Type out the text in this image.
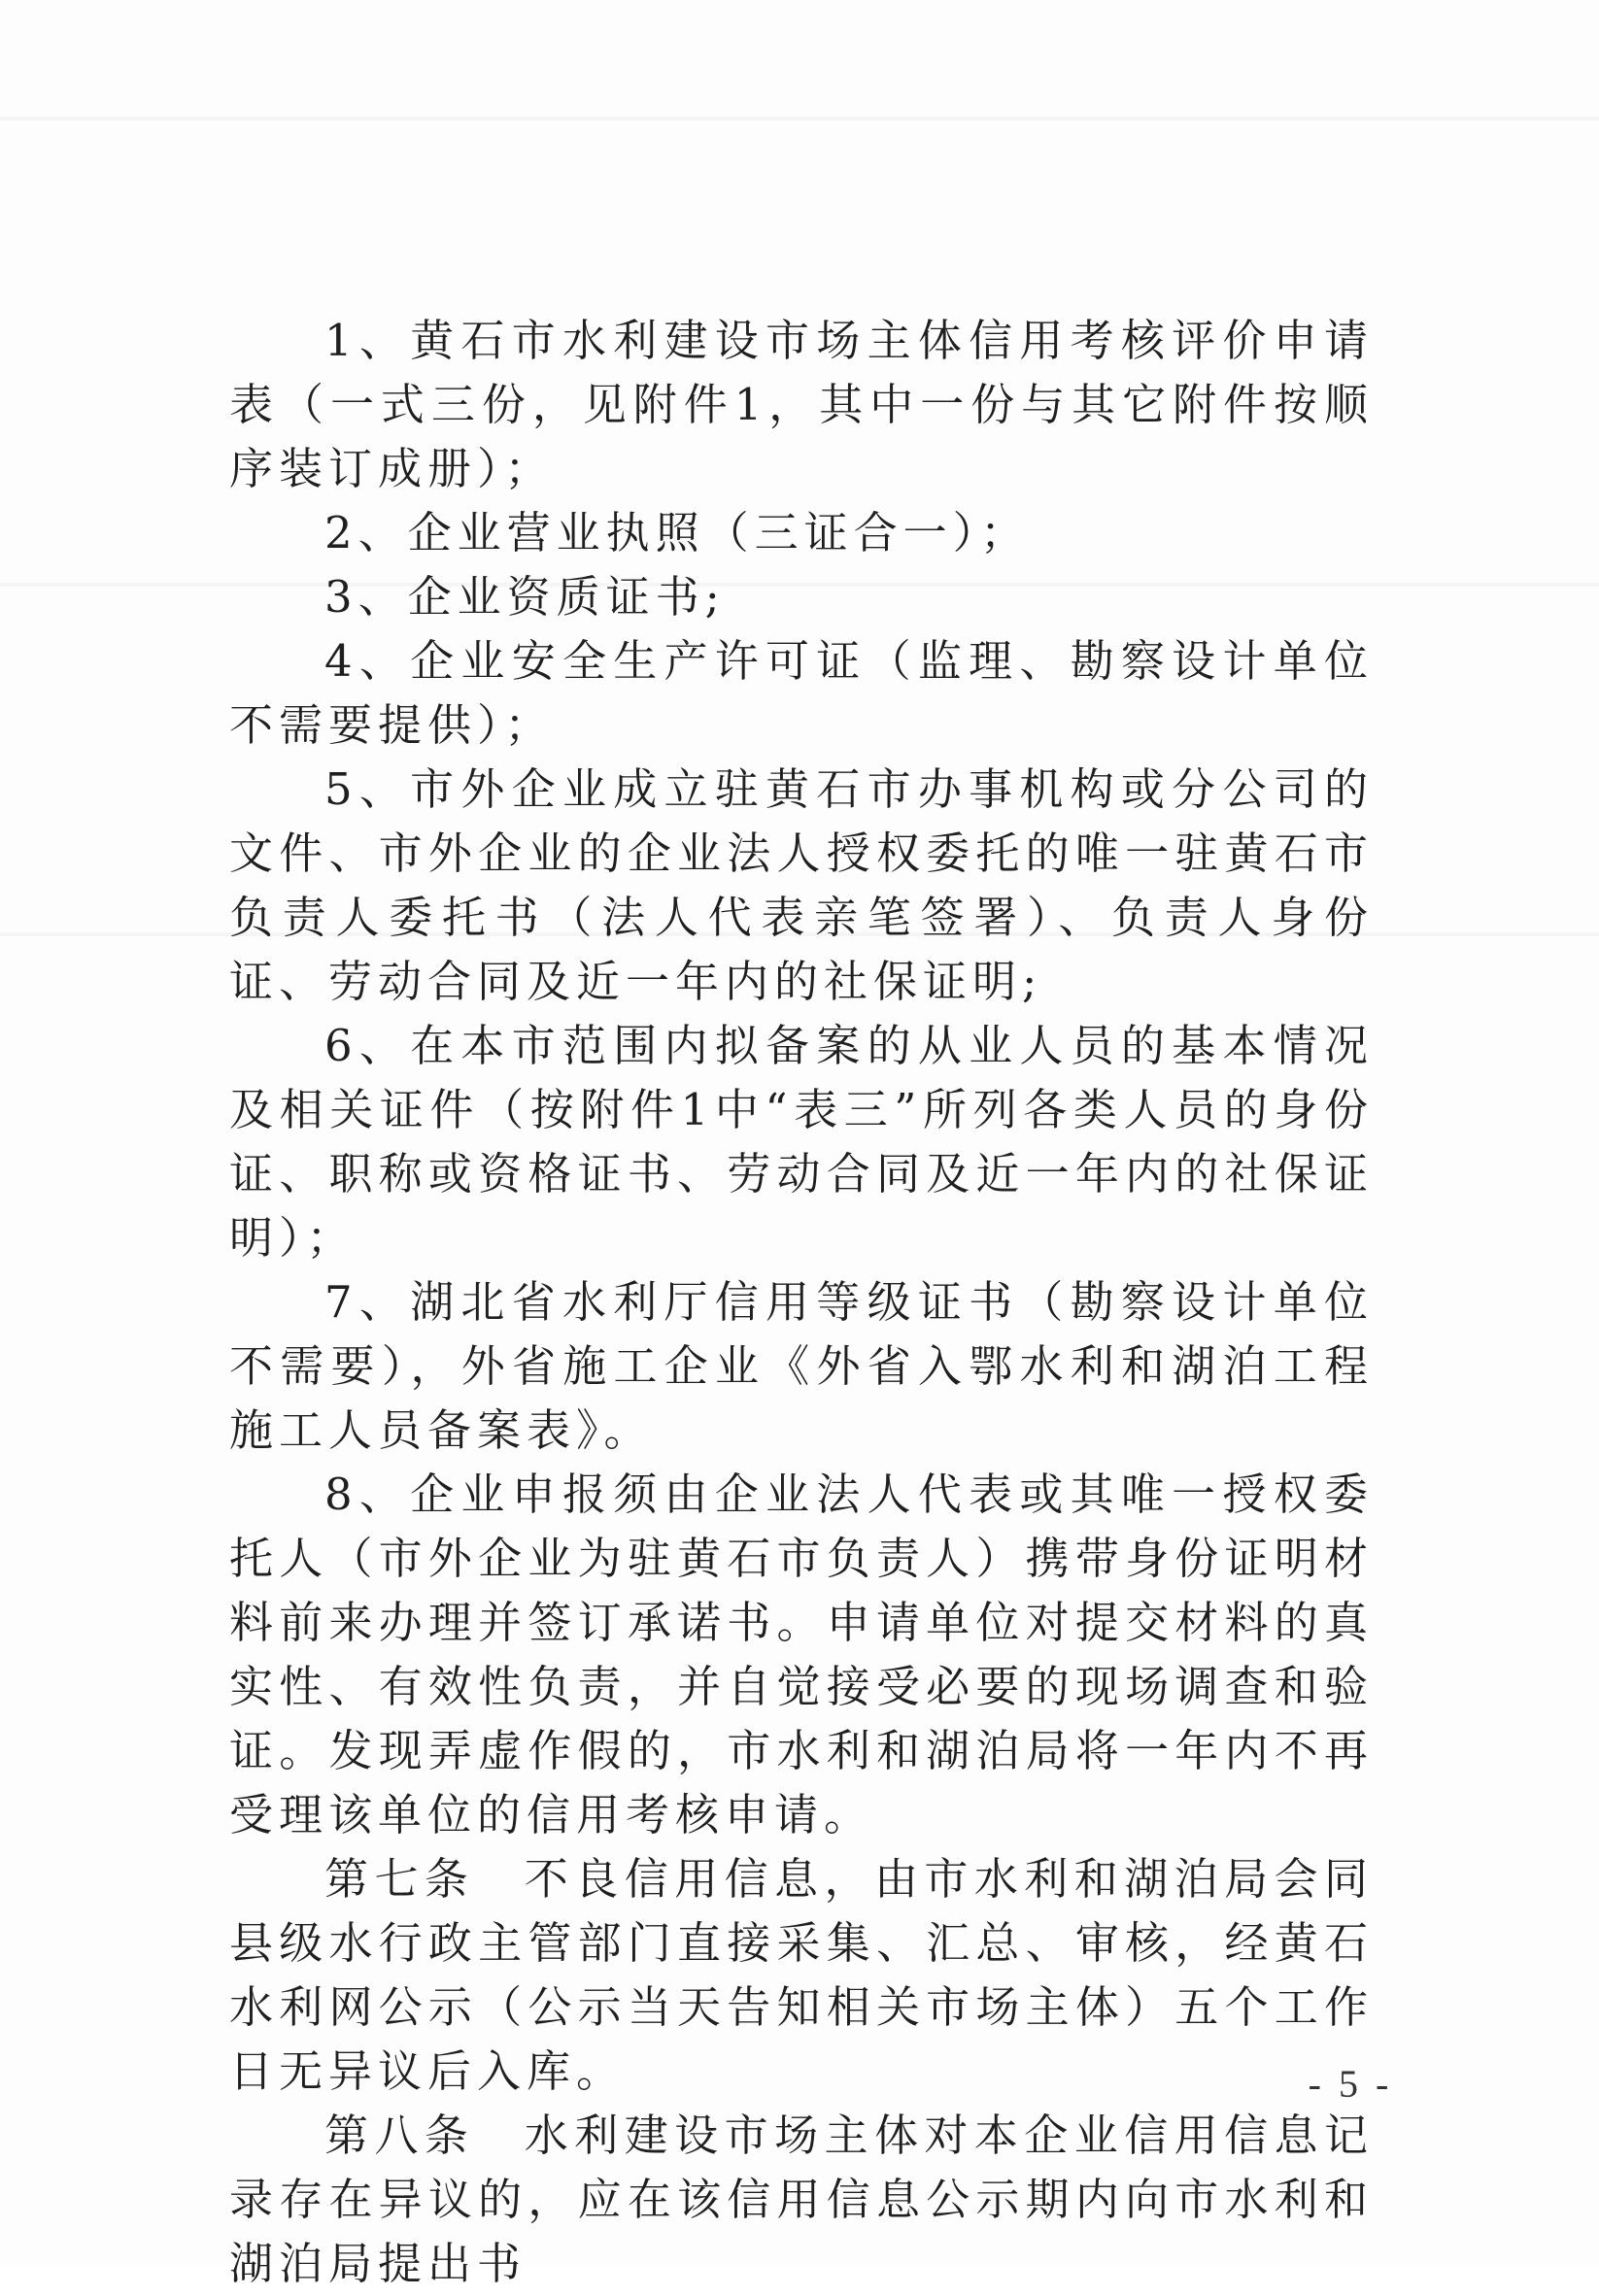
1、黄石市水利建设市场主体信用考核评价申请表（一式三份，见附件1，其中一份与其它附件按顺序装订成册）；

2、企业营业执照（三证合一）；

3、企业资质证书;

4、企业安全生产许可证（监理、勘察设计单位不需要提供）；

5、市外企业成立驻黄石市办事机构或分公司的文件、市外企业的企业法人授权委托的唯一驻黄石市负责人委托书（法人代表亲笔签署）、负责人身份证、劳动合同及近一年内的社保证明;

6、在本市范围内拟备案的从业人员的基本情况及相关证件（按附件1中“表三”所列各类人员的身份证、职称或资格证书、劳动合同及近一年内的社保证明）；

7、湖北省水利厅信用等级证书（勘察设计单位不需要），外省施工企业《外省入鄂水利和湖泊工程施工人员备案表》。

8、企业申报须由企业法人代表或其唯一授权委托人（市外企业为驻黄石市负责人）携带身份证明材料前来办理并签订承诺书。申请单位对提交材料的真实性、有效性负责，并自觉接受必要的现场调查和验证。发现弄虚作假的，市水利和湖泊局将一年内不再受理该单位的信用考核申请。

第七条　不良信用信息，由市水利和湖泊局会同县级水行政主管部门直接采集、汇总、审核，经黄石水利网公示（公示当天告知相关市场主体）五个工作日无异议后入库。

第八条　水利建设市场主体对本企业信用信息记录存在异议的，应在该信用信息公示期内向市水利和湖泊局提出书

- 5 -
